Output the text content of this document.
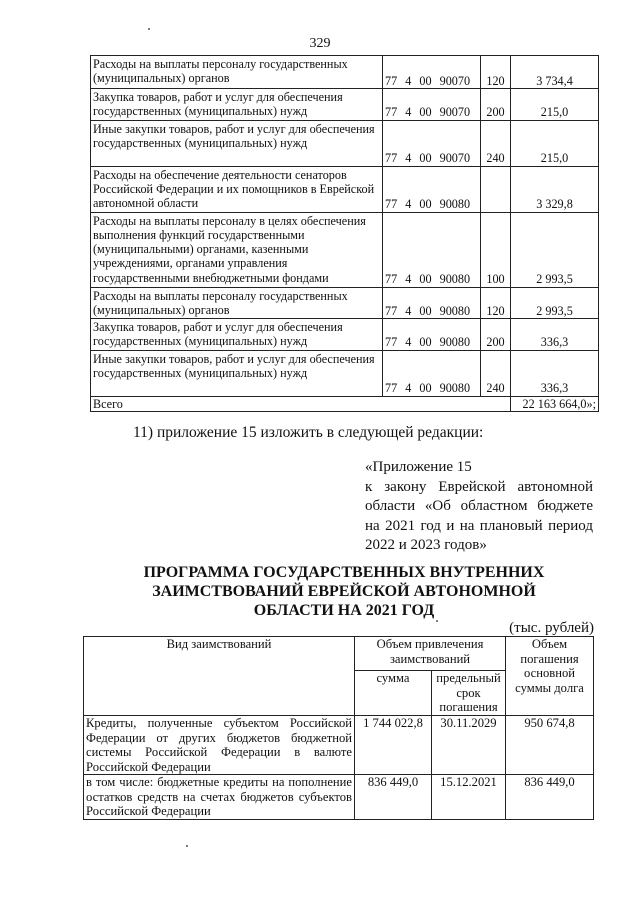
329
Расходы на выплаты персоналу государственных (муниципальных) органов	77 4 00 90070	120	3 734,4
Закупка товаров, работ и услуг для обеспечения государственных (муниципальных) нужд	77 4 00 90070	200	215,0
Иные закупки товаров, работ и услуг для обеспечения государственных (муниципальных) нужд	77 4 00 90070	240	215,0
Расходы на обеспечение деятельности сенаторов Российской Федерации и их помощников в Еврейской автономной области	77 4 00 90080		3 329,8
Расходы на выплаты персоналу в целях обеспечения выполнения функций государственными (муниципальными) органами, казенными учреждениями, органами управления государственными внебюджетными фондами	77 4 00 90080	100	2 993,5
Расходы на выплаты персоналу государственных (муниципальных) органов	77 4 00 90080	120	2 993,5
Закупка товаров, работ и услуг для обеспечения государственных (муниципальных) нужд	77 4 00 90080	200	336,3
Иные закупки товаров, работ и услуг для обеспечения государственных (муниципальных) нужд	77 4 00 90080	240	336,3
Всего			22 163 664,0»;
11) приложение 15 изложить в следующей редакции:
«Приложение 15
к закону Еврейской автономной области «Об областном бюджете на 2021 год и на плановый период 2022 и 2023 годов»
ПРОГРАММА ГОСУДАРСТВЕННЫХ ВНУТРЕННИХ
ЗАИМСТВОВАНИЙ ЕВРЕЙСКОЙ АВТОНОМНОЙ
ОБЛАСТИ НА 2021 ГОД
(тыс. рублей)
Вид заимствований	Объем привлечения заимствований		Объем погашения основной суммы долга
	сумма	предельный срок погашения	
Кредиты, полученные субъектом Российской Федерации от других бюджетов бюджетной системы Российской Федерации в валюте Российской Федерации	1 744 022,8	30.11.2029	950 674,8
в том числе: бюджетные кредиты на пополнение остатков средств на счетах бюджетов субъектов Российской Федерации	836 449,0	15.12.2021	836 449,0
